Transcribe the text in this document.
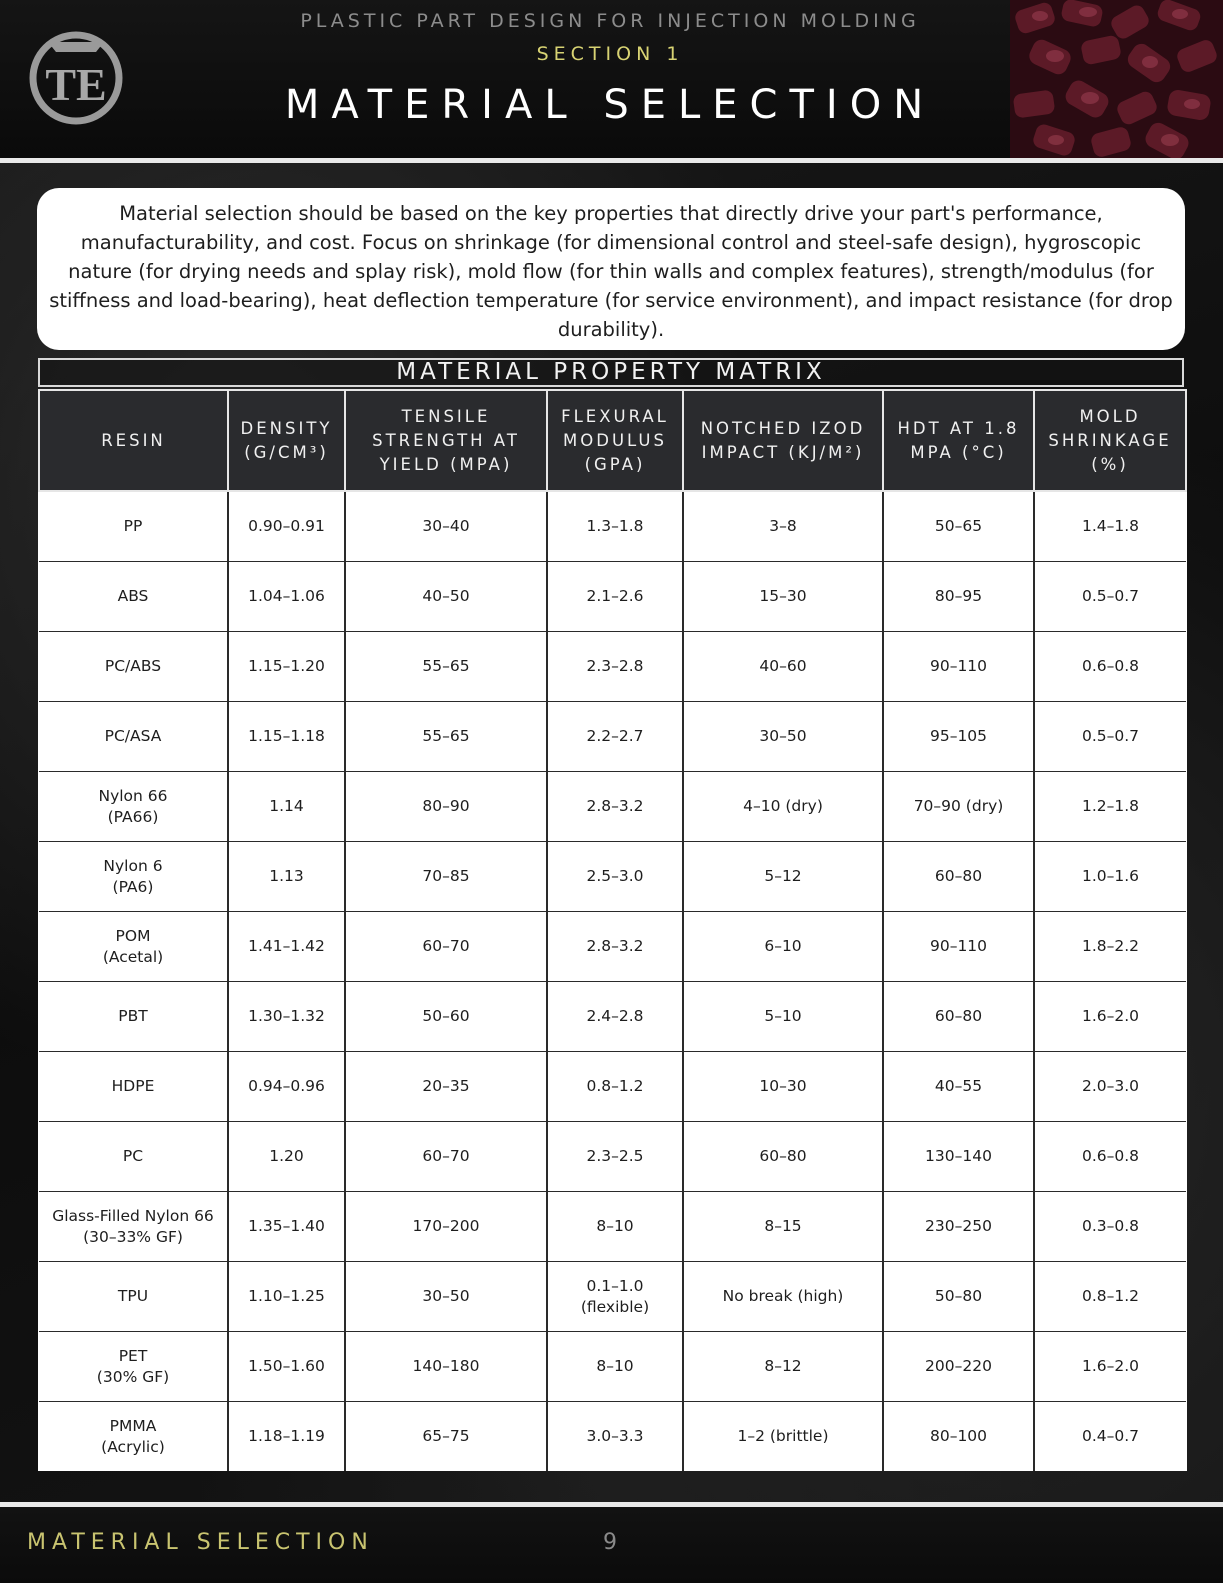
TE
PLASTIC PART DESIGN FOR INJECTION MOLDING
SECTION 1
MATERIAL SELECTION
Material selection should be based on the key properties that directly drive your part's performance, manufacturability, and cost. Focus on shrinkage (for dimensional control and steel-safe design), hygroscopic nature (for drying needs and splay risk), mold flow (for thin walls and complex features), strength/modulus (for stiffness and load-bearing), heat deflection temperature (for service environment), and impact resistance (for drop durability).
MATERIAL PROPERTY MATRIX
RESIN	DENSITY (G/CM³)	TENSILE STRENGTH AT YIELD (MPA)	FLEXURAL MODULUS (GPA)	NOTCHED IZOD IMPACT (KJ/M²)	HDT AT 1.8 MPA (°C)	MOLD SHRINKAGE (%)
PP	0.90–0.91	30–40	1.3–1.8	3–8	50–65	1.4–1.8
ABS	1.04–1.06	40–50	2.1–2.6	15–30	80–95	0.5–0.7
PC/ABS	1.15–1.20	55–65	2.3–2.8	40–60	90–110	0.6–0.8
PC/ASA	1.15–1.18	55–65	2.2–2.7	30–50	95–105	0.5–0.7
Nylon 66
(PA66)	1.14	80–90	2.8–3.2	4–10 (dry)	70–90 (dry)	1.2–1.8
Nylon 6
(PA6)	1.13	70–85	2.5–3.0	5–12	60–80	1.0–1.6
POM
(Acetal)	1.41–1.42	60–70	2.8–3.2	6–10	90–110	1.8–2.2
PBT	1.30–1.32	50–60	2.4–2.8	5–10	60–80	1.6–2.0
HDPE	0.94–0.96	20–35	0.8–1.2	10–30	40–55	2.0–3.0
PC	1.20	60–70	2.3–2.5	60–80	130–140	0.6–0.8
Glass-Filled Nylon 66
(30–33% GF)	1.35–1.40	170–200	8–10	8–15	230–250	0.3–0.8
TPU	1.10–1.25	30–50	0.1–1.0 (flexible)	No break (high)	50–80	0.8–1.2
PET
(30% GF)	1.50–1.60	140–180	8–10	8–12	200–220	1.6–2.0
PMMA
(Acrylic)	1.18–1.19	65–75	3.0–3.3	1–2 (brittle)	80–100	0.4–0.7
MATERIAL SELECTION	9
